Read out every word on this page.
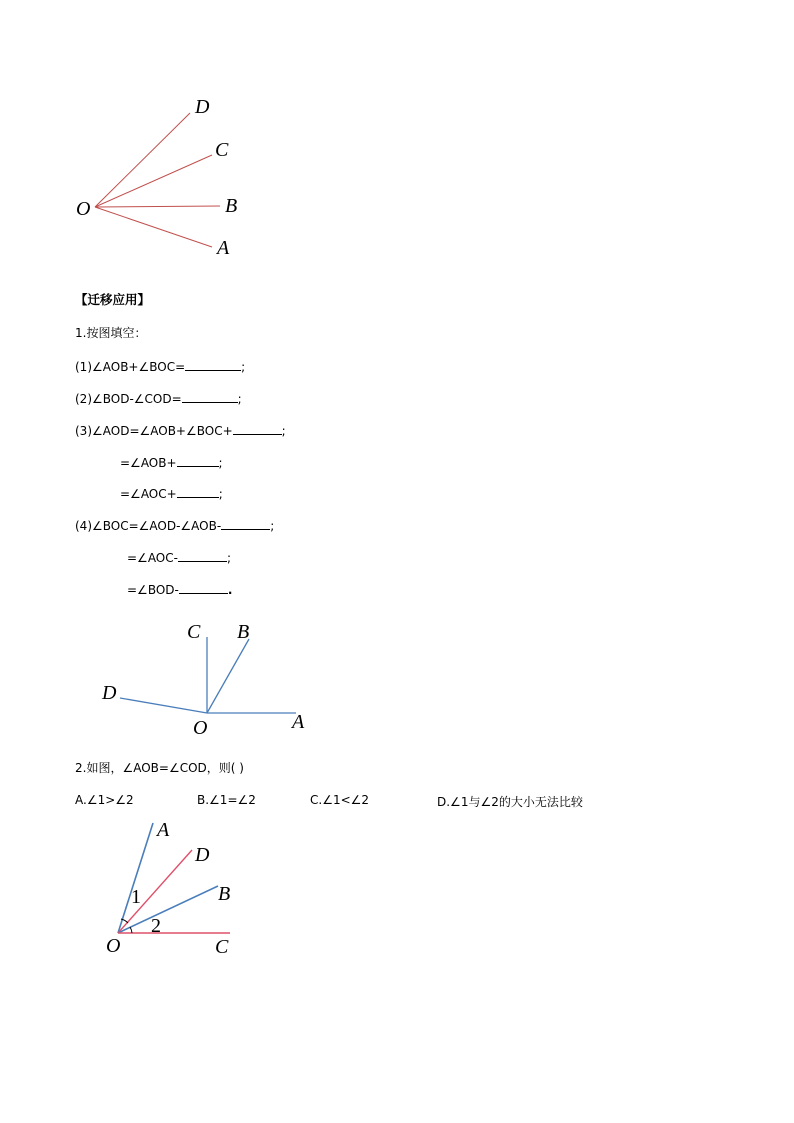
D
C
B
A
O
【迁移应用】
1.按图填空：
(1)∠AOB+∠BOC=	;
(2)∠BOD-∠COD=	;
(3)∠AOD=∠AOB+∠BOC+	;
=∠AOB+	;
=∠AOC+	;
(4)∠BOC=∠AOD-∠AOB-	;
=∠AOC-	;
=∠BOD-	.
C B
D
O	A
2.如图，∠AOB=∠COD，则( )
A.∠1>∠2	B.∠1=∠2	C.∠1<∠2	D.∠1与∠2的大小无法比较
1
2
A
D
B
O	C
